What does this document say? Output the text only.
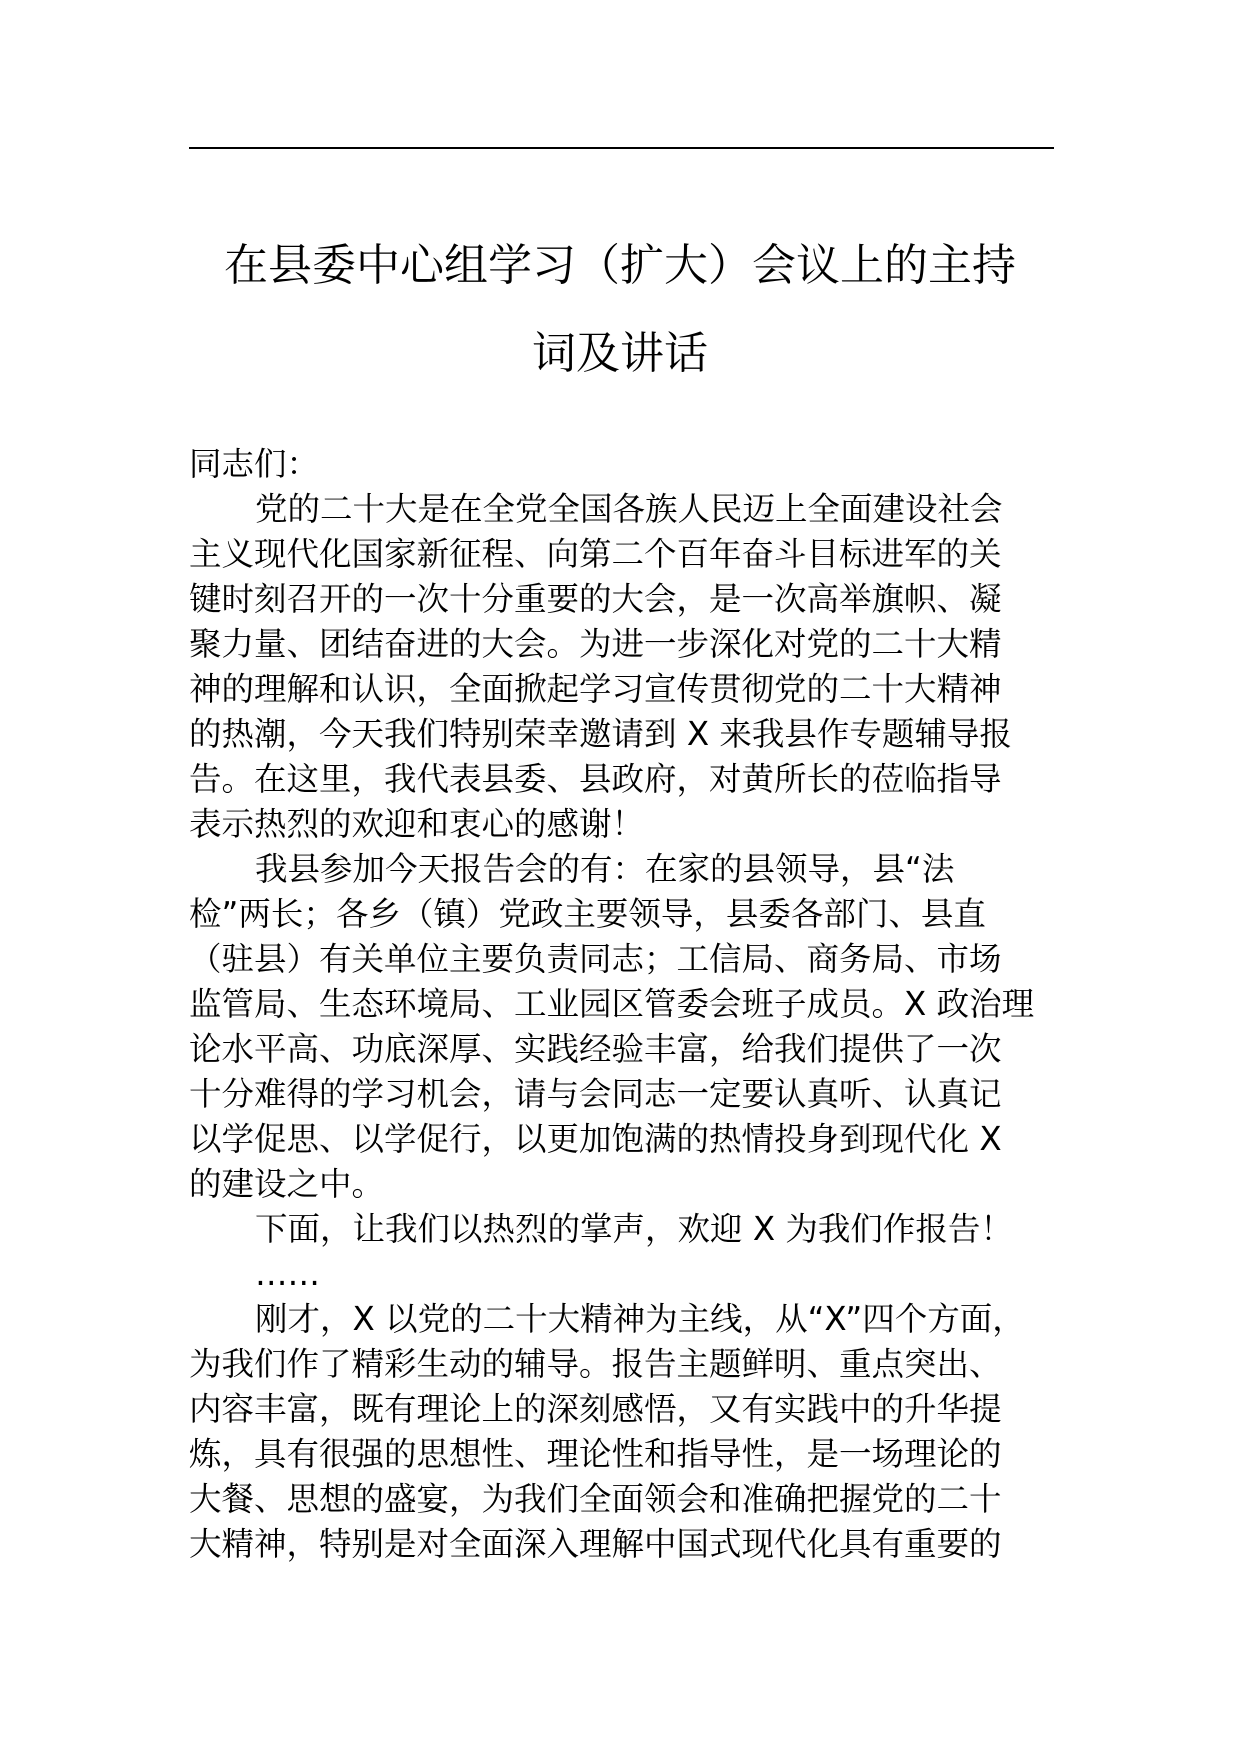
在县委中心组学习（扩大）会议上的主持
词及讲话
同志们：
党的二十大是在全党全国各族人民迈上全面建设社会
主义现代化国家新征程、向第二个百年奋斗目标进军的关
键时刻召开的一次十分重要的大会，是一次高举旗帜、凝
聚力量、团结奋进的大会。为进一步深化对党的二十大精
神的理解和认识，全面掀起学习宣传贯彻党的二十大精神
的热潮，今天我们特别荣幸邀请到 X 来我县作专题辅导报
告。在这里，我代表县委、县政府，对黄所长的莅临指导
表示热烈的欢迎和衷心的感谢！
我县参加今天报告会的有：在家的县领导，县“法
检”两长；各乡（镇）党政主要领导，县委各部门、县直
（驻县）有关单位主要负责同志；工信局、商务局、市场
监管局、生态环境局、工业园区管委会班子成员。X 政治理
论水平高、功底深厚、实践经验丰富，给我们提供了一次
十分难得的学习机会，请与会同志一定要认真听、认真记
以学促思、以学促行，以更加饱满的热情投身到现代化 X
的建设之中。
下面，让我们以热烈的掌声，欢迎 X 为我们作报告！
……
刚才，X 以党的二十大精神为主线，从“X”四个方面，
为我们作了精彩生动的辅导。报告主题鲜明、重点突出、
内容丰富，既有理论上的深刻感悟，又有实践中的升华提
炼，具有很强的思想性、理论性和指导性，是一场理论的
大餐、思想的盛宴，为我们全面领会和准确把握党的二十
大精神，特别是对全面深入理解中国式现代化具有重要的
